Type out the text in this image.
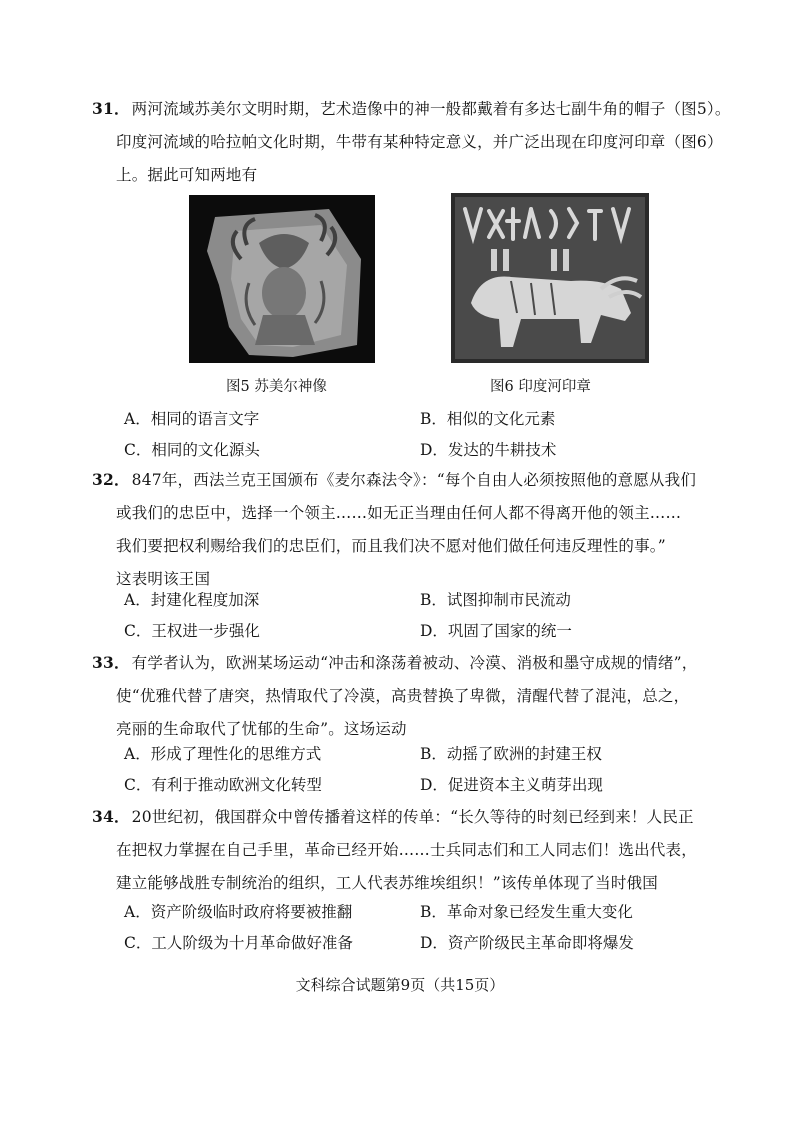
31． 两河流域苏美尔文明时期，艺术造像中的神一般都戴着有多达七副牛角的帽子（图5）。
印度河流域的哈拉帕文化时期，牛带有某种特定意义，并广泛出现在印度河印章（图6）
上。据此可知两地有
图5 苏美尔神像	图6 印度河印章
A．相同的语言文字	B．相似的文化元素
C．相同的文化源头	D．发达的牛耕技术
32． 847年，西法兰克王国颁布《麦尔森法令》：“每个自由人必须按照他的意愿从我们
或我们的忠臣中，选择一个领主……如无正当理由任何人都不得离开他的领主……
我们要把权利赐给我们的忠臣们，而且我们决不愿对他们做任何违反理性的事。”
这表明该王国
A．封建化程度加深	B．试图抑制市民流动
C．王权进一步强化	D．巩固了国家的统一
33． 有学者认为，欧洲某场运动“冲击和涤荡着被动、冷漠、消极和墨守成规的情绪”，
使“优雅代替了唐突，热情取代了冷漠，高贵替换了卑微，清醒代替了混沌，总之，
亮丽的生命取代了忧郁的生命”。这场运动
A．形成了理性化的思维方式	B．动摇了欧洲的封建王权
C．有利于推动欧洲文化转型	D．促进资本主义萌芽出现
34． 20世纪初，俄国群众中曾传播着这样的传单：“长久等待的时刻已经到来！人民正
在把权力掌握在自己手里，革命已经开始……士兵同志们和工人同志们！选出代表，
建立能够战胜专制统治的组织，工人代表苏维埃组织！”该传单体现了当时俄国
A．资产阶级临时政府将要被推翻	B．革命对象已经发生重大变化
C．工人阶级为十月革命做好准备	D．资产阶级民主革命即将爆发
文科综合试题第9页（共15页）
